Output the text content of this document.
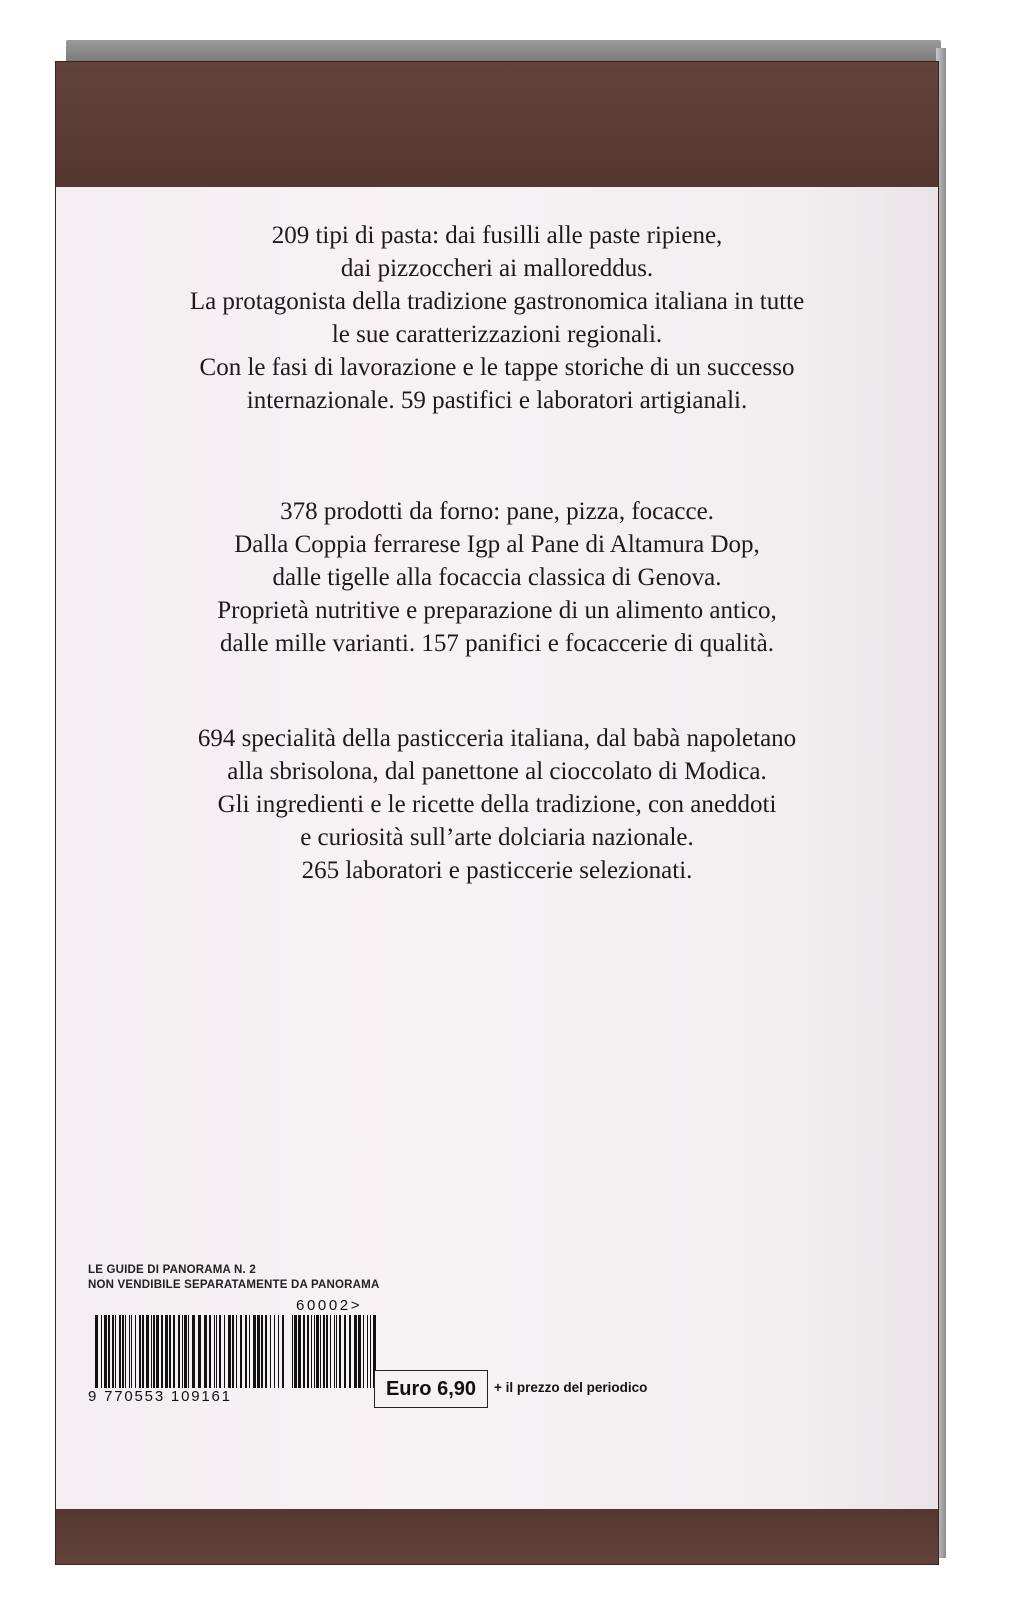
209 tipi di pasta: dai fusilli alle paste ripiene,

dai pizzoccheri ai malloreddus.

La protagonista della tradizione gastronomica italiana in tutte

le sue caratterizzazioni regionali.

Con le fasi di lavorazione e le tappe storiche di un successo

internazionale. 59 pastifici e laboratori artigianali.

378 prodotti da forno: pane, pizza, focacce.

Dalla Coppia ferrarese Igp al Pane di Altamura Dop,

dalle tigelle alla focaccia classica di Genova.

Proprietà nutritive e preparazione di un alimento antico,

dalle mille varianti. 157 panifici e focaccerie di qualità.

694 specialità della pasticceria italiana, dal babà napoletano

alla sbrisolona, dal panettone al cioccolato di Modica.

Gli ingredienti e le ricette della tradizione, con aneddoti

e curiosità sull’arte dolciaria nazionale.

265 laboratori e pasticcerie selezionati.

LE GUIDE DI PANORAMA N. 2
NON VENDIBILE SEPARATAMENTE DA PANORAMA
60002>
9 770553 109161	Euro 6,90	+ il prezzo del periodico
